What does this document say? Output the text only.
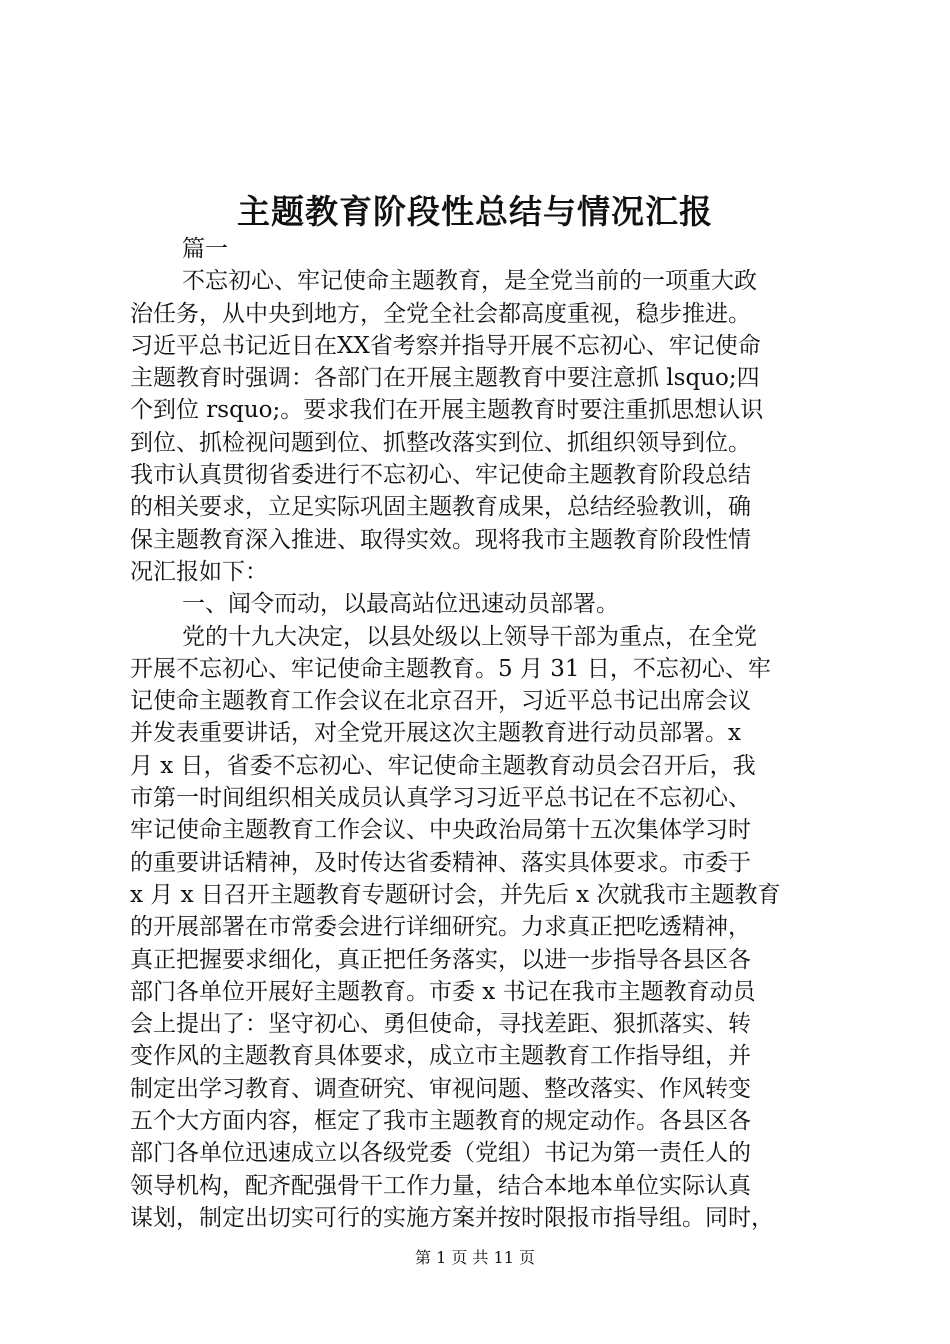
主题教育阶段性总结与情况汇报
篇一
不忘初心、牢记使命主题教育，是全党当前的一项重大政
治任务，从中央到地方，全党全社会都高度重视，稳步推进。
习近平总书记近日在XX省考察并指导开展不忘初心、牢记使命
主题教育时强调：各部门在开展主题教育中要注意抓 lsquo;四
个到位 rsquo;。要求我们在开展主题教育时要注重抓思想认识
到位、抓检视问题到位、抓整改落实到位、抓组织领导到位。
我市认真贯彻省委进行不忘初心、牢记使命主题教育阶段总结
的相关要求，立足实际巩固主题教育成果，总结经验教训，确
保主题教育深入推进、取得实效。现将我市主题教育阶段性情
况汇报如下：
一、闻令而动，以最高站位迅速动员部署。
党的十九大决定，以县处级以上领导干部为重点，在全党
开展不忘初心、牢记使命主题教育。5 月 31 日，不忘初心、牢
记使命主题教育工作会议在北京召开，习近平总书记出席会议
并发表重要讲话，对全党开展这次主题教育进行动员部署。x
月 x 日，省委不忘初心、牢记使命主题教育动员会召开后，我
市第一时间组织相关成员认真学习习近平总书记在不忘初心、
牢记使命主题教育工作会议、中央政治局第十五次集体学习时
的重要讲话精神，及时传达省委精神、落实具体要求。市委于
x 月 x 日召开主题教育专题研讨会，并先后 x 次就我市主题教育
的开展部署在市常委会进行详细研究。力求真正把吃透精神，
真正把握要求细化，真正把任务落实，以进一步指导各县区各
部门各单位开展好主题教育。市委 x 书记在我市主题教育动员
会上提出了：坚守初心、勇但使命，寻找差距、狠抓落实、转
变作风的主题教育具体要求，成立市主题教育工作指导组，并
制定出学习教育、调查研究、审视问题、整改落实、作风转变
五个大方面内容，框定了我市主题教育的规定动作。各县区各
部门各单位迅速成立以各级党委（党组）书记为第一责任人的
领导机构，配齐配强骨干工作力量，结合本地本单位实际认真
谋划，制定出切实可行的实施方案并按时限报市指导组。同时，
第 1 页 共 11 页
